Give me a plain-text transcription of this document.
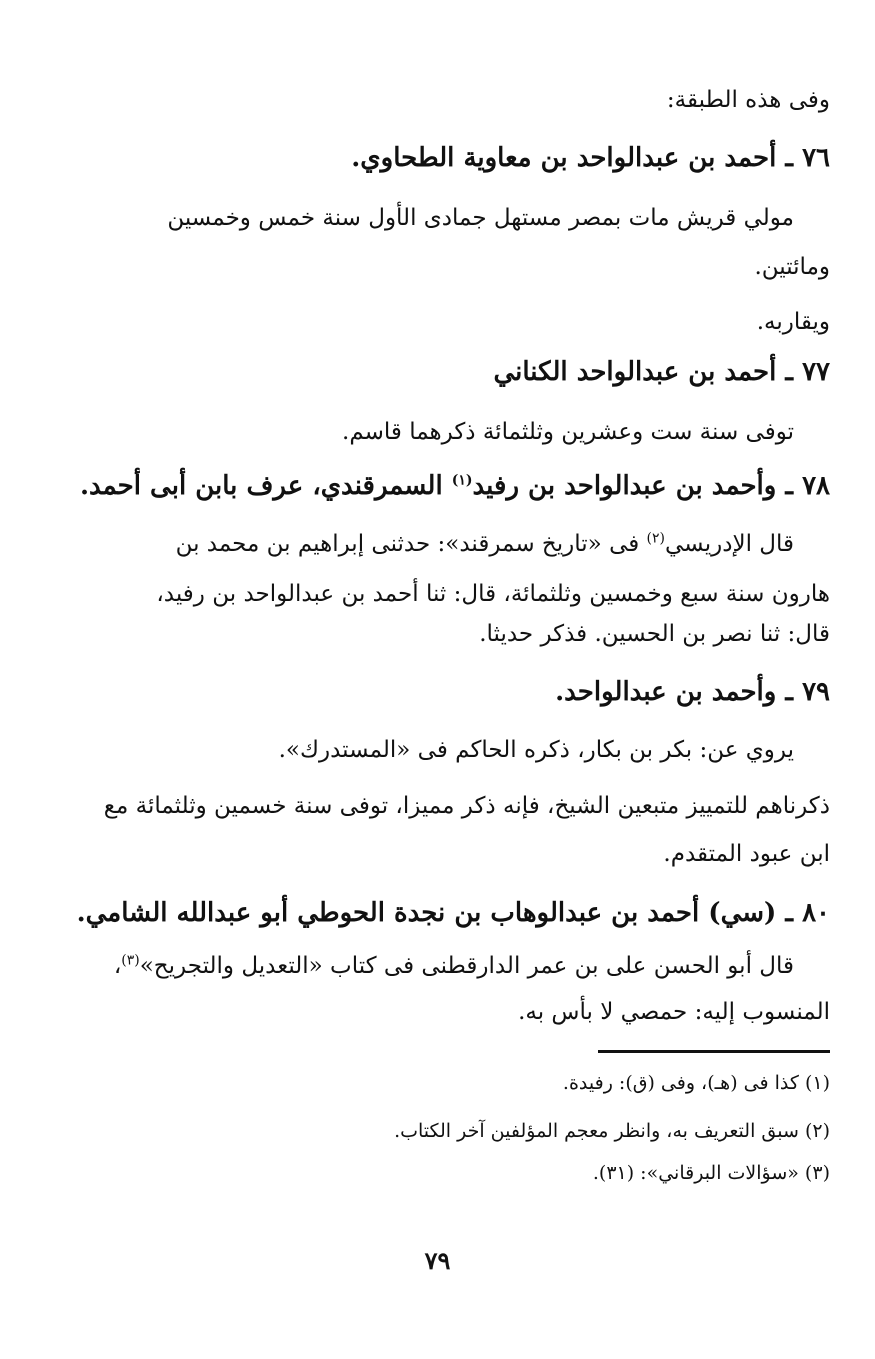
وفى هذه الطبقة:
٧٦ ـ أحمد بن عبدالواحد بن معاوية الطحاوي.
مولي قريش مات بمصر مستهل جمادى الأول سنة خمس وخمسين
ومائتين.
ويقاربه.
٧٧ ـ أحمد بن عبدالواحد الكناني
توفى سنة ست وعشرين وثلثمائة ذكرهما قاسم.
٧٨ ـ وأحمد بن عبدالواحد بن رفيد$^{(١)}$ السمرقندي، عرف بابن أبى أحمد.
قال الإدريسي$^{(٢)}$ فى «تاريخ سمرقند»: حدثنى إبراهيم بن محمد بن
هارون سنة سبع وخمسين وثلثمائة، قال: ثنا أحمد بن عبدالواحد بن رفيد،
قال: ثنا نصر بن الحسين. فذكر حديثا.
٧٩ ـ وأحمد بن عبدالواحد.
يروي عن: بكر بن بكار، ذكره الحاكم فى «المستدرك».
ذكرناهم للتمييز متبعين الشيخ، فإنه ذكر مميزا، توفى سنة خسمين وثلثمائة مع
ابن عبود المتقدم.
٨٠ ـ (سي) أحمد بن عبدالوهاب بن نجدة الحوطي أبو عبدالله الشامي.
قال أبو الحسن على بن عمر الدارقطنى فى كتاب «التعديل والتجريح»$^{(٣)}$،
المنسوب إليه: حمصي لا بأس به.
(١) كذا فى (هـ)، وفى (ق): رفيدة.
(٢) سبق التعريف به، وانظر معجم المؤلفين آخر الكتاب.
(٣) «سؤالات البرقاني»: (٣١).
٧٩
